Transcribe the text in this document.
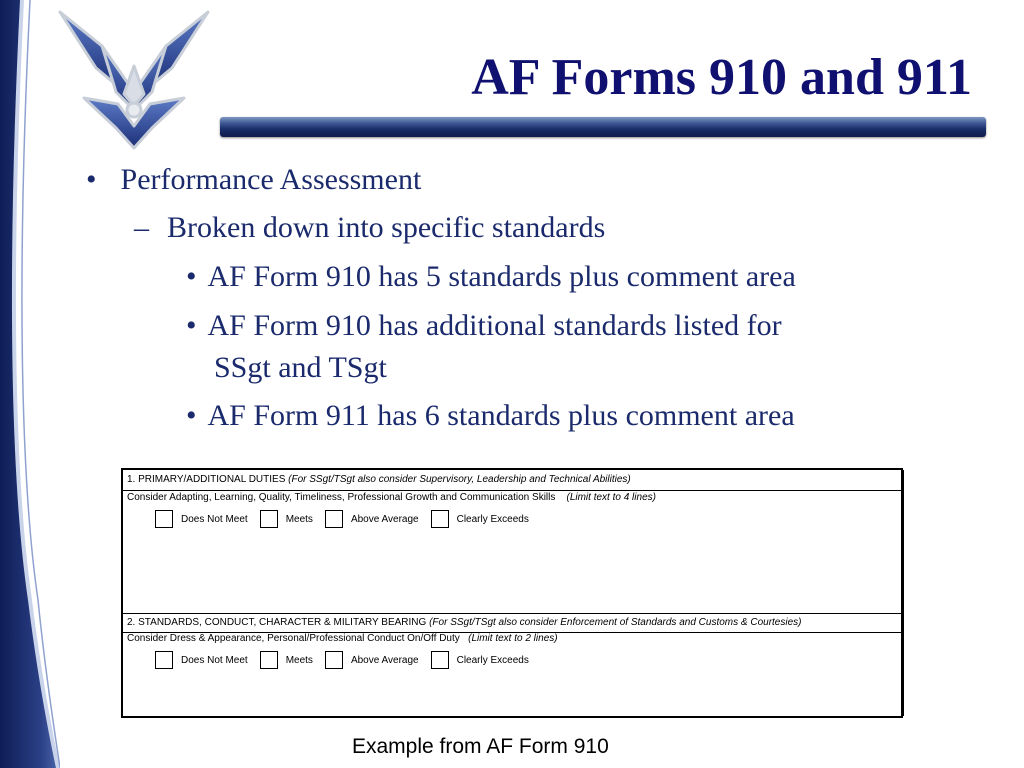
AF Forms 910 and 911

• Performance Assessment

– Broken down into specific standards

• AF Form 910 has 5 standards plus comment area

• AF Form 910 has additional standards listed for

SSgt and TSgt

• AF Form 911 has 6 standards plus comment area

1. PRIMARY/ADDITIONAL DUTIES (For SSgt/TSgt also consider Supervisory, Leadership and Technical Abilities)
Consider Adapting, Learning, Quality, Timeliness, Professional Growth and Communication Skills (Limit text to 4 lines)
Does Not Meet	Meets	Above Average	Clearly Exceeds
2. STANDARDS, CONDUCT, CHARACTER & MILITARY BEARING (For SSgt/TSgt also consider Enforcement of Standards and Customs & Courtesies)
Consider Dress & Appearance, Personal/Professional Conduct On/Off Duty (Limit text to 2 lines)
Does Not Meet	Meets	Above Average	Clearly Exceeds

Example from AF Form 910
